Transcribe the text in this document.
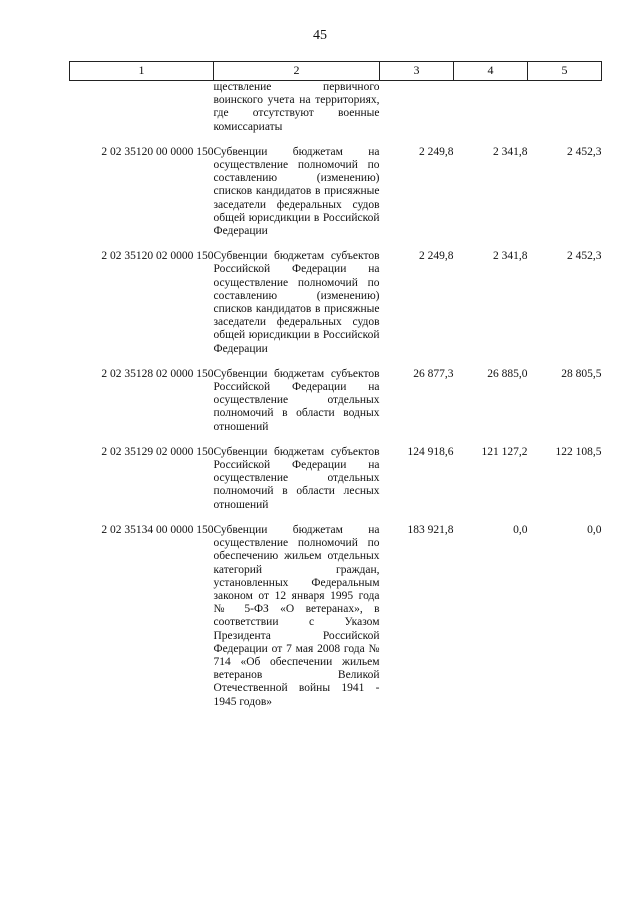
45
1	2	3	4	5
	ществление первичного воинского учета на территориях, где отсутствуют военные комиссариаты			
2 02 35120 00 0000 150	Субвенции бюджетам на осуществление полномочий по составлению (изменению) списков кандидатов в присяжные заседатели федеральных судов общей юрисдикции в Российской Федерации	2 249,8	2 341,8	2 452,3
2 02 35120 02 0000 150	Субвенции бюджетам субъектов Российской Федерации на осуществление полномочий по составлению (изменению) списков кандидатов в присяжные заседатели федеральных судов общей юрисдикции в Российской Федерации	2 249,8	2 341,8	2 452,3
2 02 35128 02 0000 150	Субвенции бюджетам субъектов Российской Федерации на осуществление отдельных полномочий в области водных отношений	26 877,3	26 885,0	28 805,5
2 02 35129 02 0000 150	Субвенции бюджетам субъектов Российской Федерации на осуществление отдельных полномочий в области лесных отношений	124 918,6	121 127,2	122 108,5
2 02 35134 00 0000 150	Субвенции бюджетам на осуществление полномочий по обеспечению жильем отдельных категорий граждан, установленных Федеральным законом от 12 января 1995 года № 5-ФЗ «О ветеранах», в соответствии с Указом Президента Российской Федерации от 7 мая 2008 года № 714 «Об обеспечении жильем ветеранов Великой Отечественной войны 1941 - 1945 годов»	183 921,8	0,0	0,0
